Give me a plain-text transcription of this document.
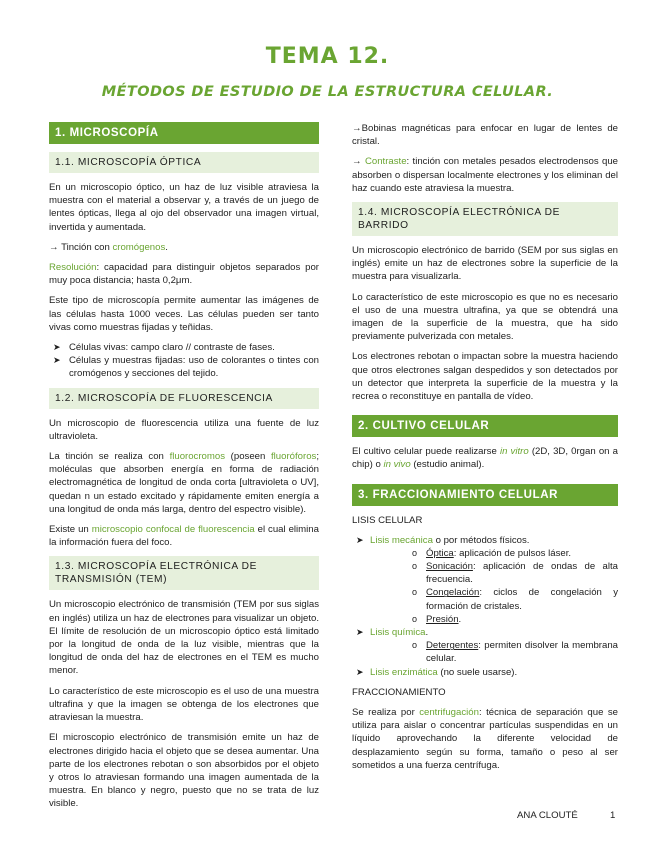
TEMA 12.
MÉTODOS DE ESTUDIO DE LA ESTRUCTURA CELULAR.
1. MICROSCOPÍA
1.1. MICROSCOPÍA ÓPTICA

En un microscopio óptico, un haz de luz visible atraviesa la muestra con el material a observar y, a través de un juego de lentes ópticas, llega al ojo del observador una imagen virtual, invertida y aumentada.

→ Tinción con cromógenos.

Resolución: capacidad para distinguir objetos separados por muy poca distancia; hasta 0,2μm.

Este tipo de microscopía permite aumentar las imágenes de las células hasta 1000 veces. Las células pueden ser tanto vivas como muestras fijadas y teñidas.

➤ Células vivas: campo claro // contraste de fases.
➤ Células y muestras fijadas: uso de colorantes o tintes con cromógenos y secciones del tejido.
1.2. MICROSCOPÍA DE FLUORESCENCIA

Un microscopio de fluorescencia utiliza una fuente de luz ultravioleta.

La tinción se realiza con fluorocromos (poseen fluoróforos; moléculas que absorben energía en forma de radiación electromagnética de longitud de onda corta [ultravioleta o UV], quedan n un estado excitado y rápidamente emiten energía a una longitud de onda más larga, dentro del espectro visible).

Existe un microscopio confocal de fluorescencia el cual elimina la información fuera del foco.

1.3. MICROSCOPÍA ELECTRÓNICA DE TRANSMISIÓN (TEM)

Un microscopio electrónico de transmisión (TEM por sus siglas en inglés) utiliza un haz de electrones para visualizar un objeto. El límite de resolución de un microscopio óptico está limitado por la longitud de onda de la luz visible, mientras que la longitud de onda del haz de electrones en el TEM es mucho menor.

Lo característico de este microscopio es el uso de una muestra ultrafina y que la imagen se obtenga de los electrones que atraviesan la muestra.

El microscopio electrónico de transmisión emite un haz de electrones dirigido hacia el objeto que se desea aumentar. Una parte de los electrones rebotan o son absorbidos por el objeto y otros lo atraviesan formando una imagen aumentada de la muestra. En blanco y negro, puesto que no se trata de luz visible.

→Bobinas magnéticas para enfocar en lugar de lentes de cristal.

→ Contraste: tinción con metales pesados electrodensos que absorben o dispersan localmente electrones y los eliminan del haz cuando este atraviesa la muestra.

1.4. MICROSCOPÍA ELECTRÓNICA DE BARRIDO

Un microscopio electrónico de barrido (SEM por sus siglas en inglés) emite un haz de electrones sobre la superficie de la muestra para visualizarla.

Lo característico de este microscopio es que no es necesario el uso de una muestra ultrafina, ya que se obtendrá una imagen de la superficie de la muestra, que ha sido previamente pulverizada con metales.

Los electrones rebotan o impactan sobre la muestra haciendo que otros electrones salgan despedidos y son detectados por un detector que interpreta la superficie de la muestra y la recrea o reconstituye en pantalla de vídeo.

2. CULTIVO CELULAR

El cultivo celular puede realizarse in vitro (2D, 3D, 0rgan on a chip) o in vivo (estudio animal).

3. FRACCIONAMIENTO CELULAR
LISIS CELULAR
➤ Lisis mecánica o por métodos físicos.
o Óptica: aplicación de pulsos láser.
o Sonicación: aplicación de ondas de alta frecuencia.
o Congelación: ciclos de congelación y formación de cristales.
o Presión.
➤ Lisis química.
o Detergentes: permiten disolver la membrana celular.
➤ Lisis enzimática (no suele usarse).
FRACCIONAMIENTO

Se realiza por centrifugación: técnica de separación que se utiliza para aislar o concentrar partículas suspendidas en un líquido aprovechando la diferente velocidad de desplazamiento según su forma, tamaño o peso al ser sometidos a una fuerza centrífuga.

ANA CLOUTÉ	1
